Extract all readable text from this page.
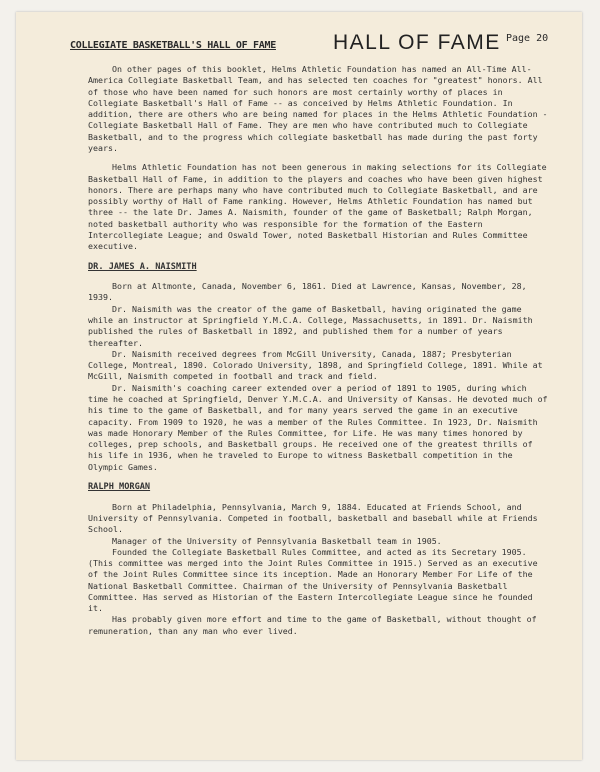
COLLEGIATE BASKETBALL'S HALL OF FAME	HALL OF FAME Page 20

On other pages of this booklet, Helms Athletic Foundation has named an All-Time All-America Collegiate Basketball Team, and has selected ten coaches for "greatest" honors. All of those who have been named for such honors are most certainly worthy of places in Collegiate Basketball's Hall of Fame -- as conceived by Helms Athletic Foundation. In addition, there are others who are being named for places in the Helms Athletic Foundation - Collegiate Basketball Hall of Fame. They are men who have contributed much to Collegiate Basketball, and to the progress which collegiate basketball has made during the past forty years.

Helms Athletic Foundation has not been generous in making selections for its Collegiate Basketball Hall of Fame, in addition to the players and coaches who have been given highest honors. There are perhaps many who have contributed much to Collegiate Basketball, and are possibly worthy of Hall of Fame ranking. However, Helms Athletic Foundation has named but three -- the late Dr. James A. Naismith, founder of the game of Basketball; Ralph Morgan, noted basketball authority who was responsible for the formation of the Eastern Intercollegiate League; and Oswald Tower, noted Basketball Historian and Rules Committee executive.

DR. JAMES A. NAISMITH

Born at Altmonte, Canada, November 6, 1861. Died at Lawrence, Kansas, November, 28, 1939.

Dr. Naismith was the creator of the game of Basketball, having originated the game while an instructor at Springfield Y.M.C.A. College, Massachusetts, in 1891. Dr. Naismith published the rules of Basketball in 1892, and published them for a number of years thereafter.

Dr. Naismith received degrees from McGill University, Canada, 1887; Presbyterian College, Montreal, 1890. Colorado University, 1898, and Springfield College, 1891. While at McGill, Naismith competed in football and track and field.

Dr. Naismith's coaching career extended over a period of 1891 to 1905, during which time he coached at Springfield, Denver Y.M.C.A. and University of Kansas. He devoted much of his time to the game of Basketball, and for many years served the game in an executive capacity. From 1909 to 1920, he was a member of the Rules Committee. In 1923, Dr. Naismith was made Honorary Member of the Rules Committee, for Life. He was many times honored by colleges, prep schools, and Basketball groups. He received one of the greatest thrills of his life in 1936, when he traveled to Europe to witness Basketball competition in the Olympic Games.

RALPH MORGAN

Born at Philadelphia, Pennsylvania, March 9, 1884. Educated at Friends School, and University of Pennsylvania. Competed in football, basketball and baseball while at Friends School.

Manager of the University of Pennsylvania Basketball team in 1905.

Founded the Collegiate Basketball Rules Committee, and acted as its Secretary 1905. (This committee was merged into the Joint Rules Committee in 1915.) Served as an executive of the Joint Rules Committee since its inception. Made an Honorary Member For Life of the National Basketball Committee. Chairman of the University of Pennsylvania Basketball Committee. Has served as Historian of the Eastern Intercollegiate League since he founded it.

Has probably given more effort and time to the game of Basketball, without thought of remuneration, than any man who ever lived.
